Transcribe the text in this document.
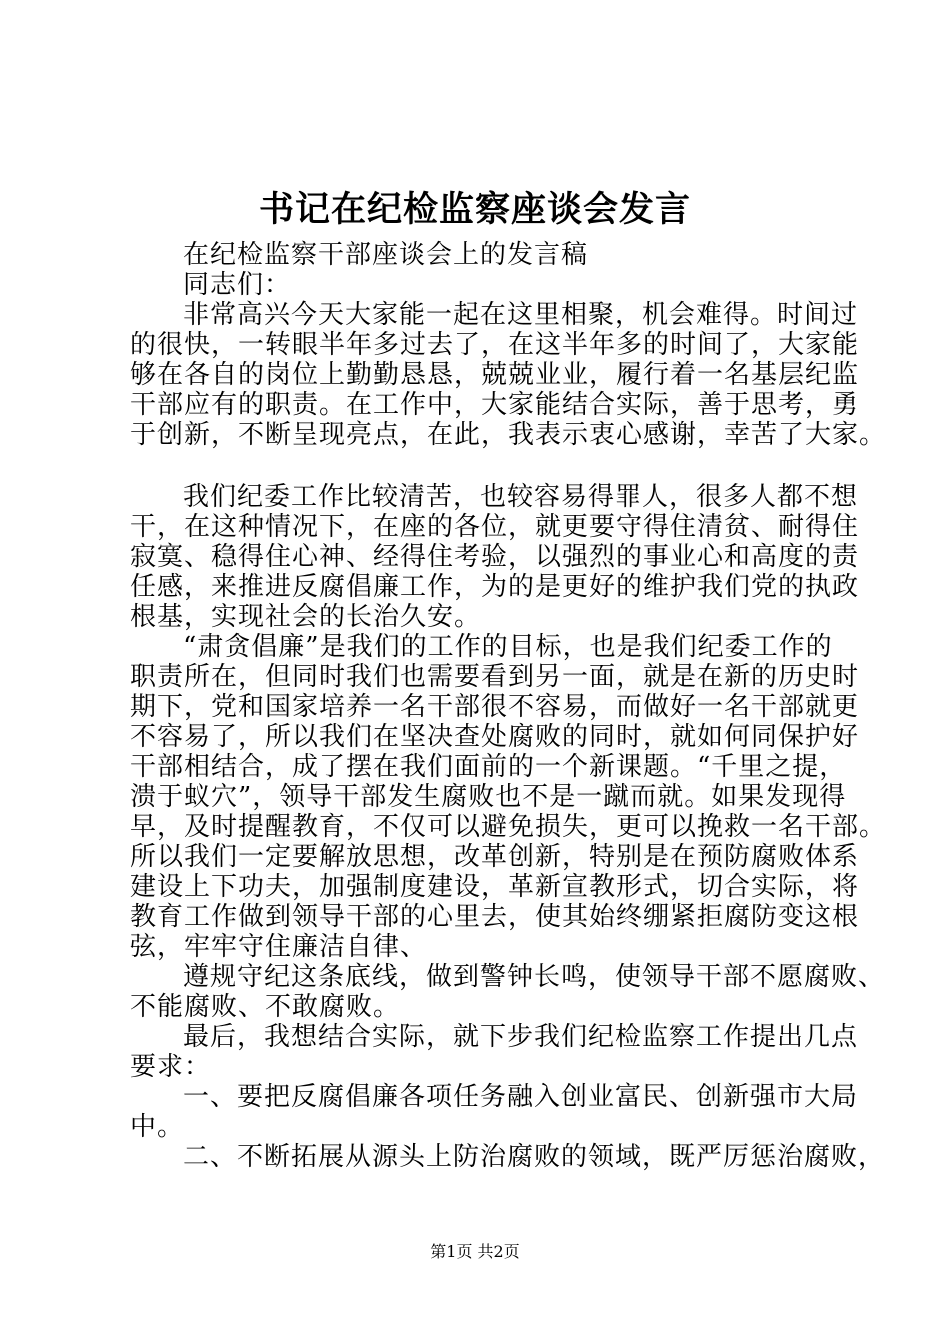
书记在纪检监察座谈会发言
在纪检监察干部座谈会上的发言稿
同志们：
非常高兴今天大家能一起在这里相聚，机会难得。时间过
的很快，一转眼半年多过去了，在这半年多的时间了，大家能
够在各自的岗位上勤勤恳恳，兢兢业业，履行着一名基层纪监
干部应有的职责。在工作中，大家能结合实际，善于思考，勇
于创新，不断呈现亮点，在此，我表示衷心感谢，幸苦了大家。
我们纪委工作比较清苦，也较容易得罪人，很多人都不想
干，在这种情况下，在座的各位，就更要守得住清贫、耐得住
寂寞、稳得住心神、经得住考验，以强烈的事业心和高度的责
任感，来推进反腐倡廉工作，为的是更好的维护我们党的执政
根基，实现社会的长治久安。
“肃贪倡廉”是我们的工作的目标，也是我们纪委工作的
职责所在，但同时我们也需要看到另一面，就是在新的历史时
期下，党和国家培养一名干部很不容易，而做好一名干部就更
不容易了，所以我们在坚决查处腐败的同时，就如何同保护好
干部相结合，成了摆在我们面前的一个新课题。“千里之提，
溃于蚁穴”，领导干部发生腐败也不是一蹴而就。如果发现得
早，及时提醒教育，不仅可以避免损失，更可以挽救一名干部。
所以我们一定要解放思想，改革创新，特别是在预防腐败体系
建设上下功夫，加强制度建设，革新宣教形式，切合实际，将
教育工作做到领导干部的心里去，使其始终绷紧拒腐防变这根
弦，牢牢守住廉洁自律、
遵规守纪这条底线，做到警钟长鸣，使领导干部不愿腐败、
不能腐败、不敢腐败。
最后，我想结合实际，就下步我们纪检监察工作提出几点
要求：
一、要把反腐倡廉各项任务融入创业富民、创新强市大局
中。
二、不断拓展从源头上防治腐败的领域，既严厉惩治腐败，
第1页 共2页
